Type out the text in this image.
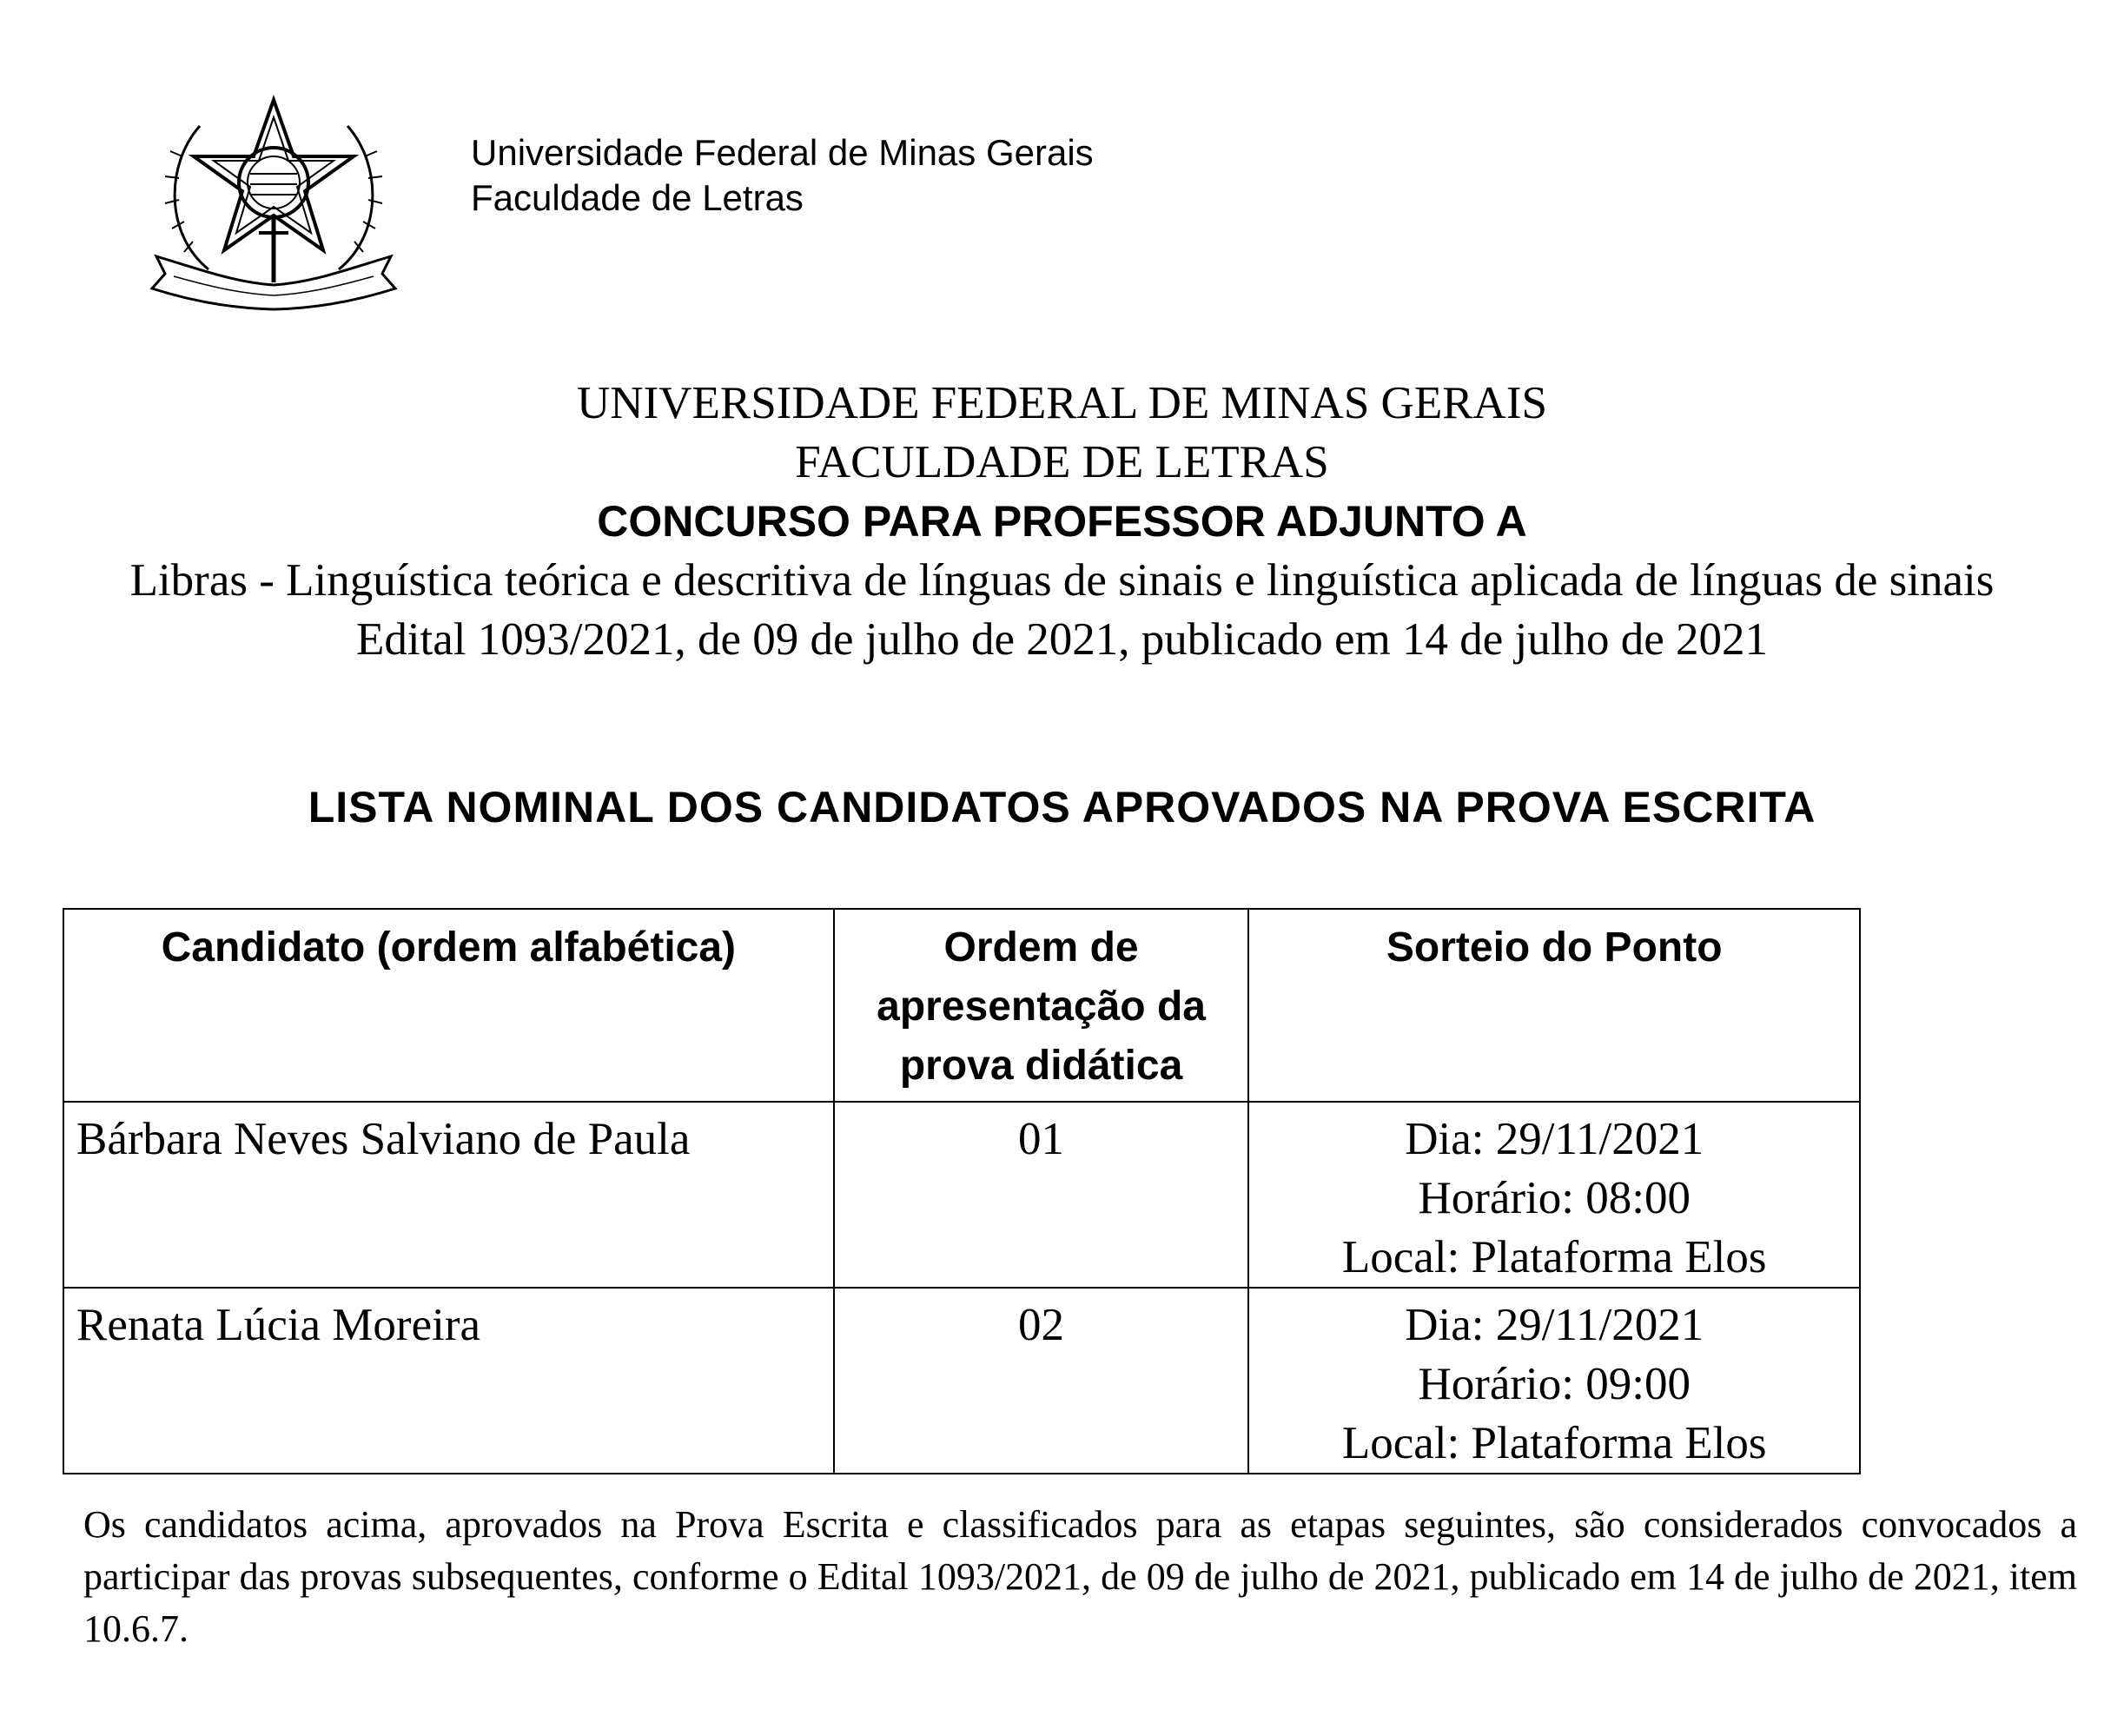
Universidade Federal de Minas Gerais
Faculdade de Letras
UNIVERSIDADE FEDERAL DE MINAS GERAIS
FACULDADE DE LETRAS
CONCURSO PARA PROFESSOR ADJUNTO A
Libras - Linguística teórica e descritiva de línguas de sinais e linguística aplicada de línguas de sinais
Edital 1093/2021, de 09 de julho de 2021, publicado em 14 de julho de 2021
LISTA NOMINAL DOS CANDIDATOS APROVADOS NA PROVA ESCRITA
Candidato (ordem alfabética)	Ordem de apresentação da prova didática	Sorteio do Ponto
Bárbara Neves Salviano de Paula	01	Dia: 29/11/2021
Horário: 08:00
Local: Plataforma Elos

Renata Lúcia Moreira	02	Dia: 29/11/2021
Horário: 09:00
Local: Plataforma Elos
Os candidatos acima, aprovados na Prova Escrita e classificados para as etapas seguintes, são considerados convocados a participar das provas subsequentes, conforme o Edital 1093/2021, de 09 de julho de 2021, publicado em 14 de julho de 2021, item 10.6.7.
